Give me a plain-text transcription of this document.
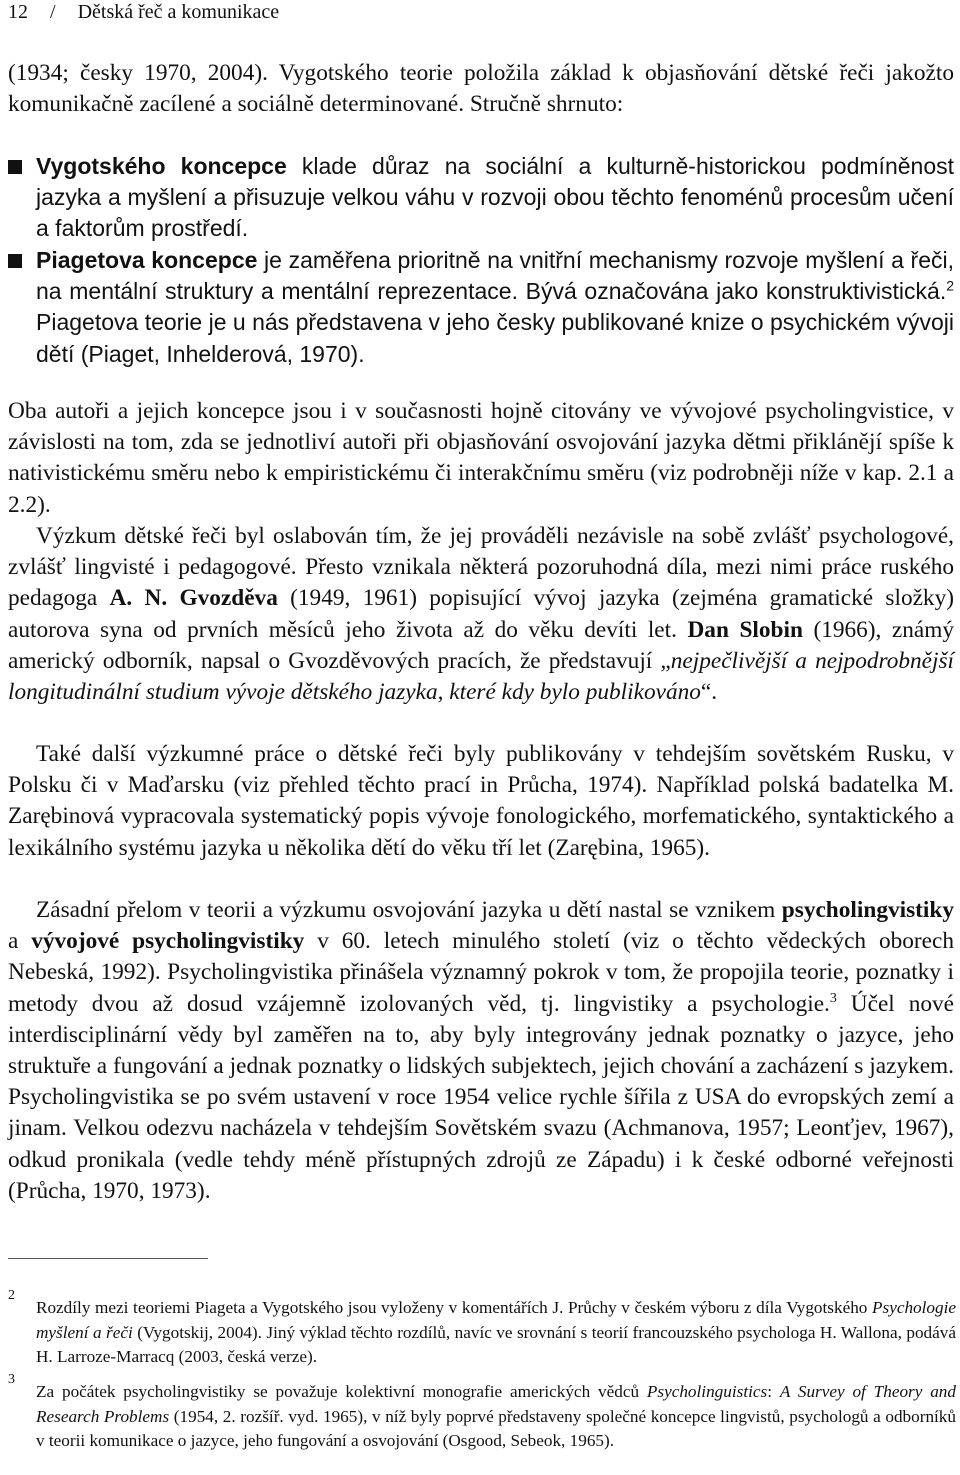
12 / Dětská řeč a komunikace
(1934; česky 1970, 2004). Vygotského teorie položila základ k objasňování dětské řeči jakožto komunikačně zacílené a sociálně determinované. Stručně shrnuto:
Vygotského koncepce klade důraz na sociální a kulturně-historickou podmíněnost jazyka a myšlení a přisuzuje velkou váhu v rozvoji obou těchto fenoménů procesům učení a faktorům prostředí.
Piagetova koncepce je zaměřena prioritně na vnitřní mechanismy rozvoje myšlení a řeči, na mentální struktury a mentální reprezentace. Bývá označována jako konstruktivistická.$^2$ Piagetova teorie je u nás představena v jeho česky publikované knize o psychickém vývoji dětí (Piaget, Inhelderová, 1970).
Oba autoři a jejich koncepce jsou i v současnosti hojně citovány ve vývojové psycholingvistice, v závislosti na tom, zda se jednotliví autoři při objasňování osvojování jazyka dětmi přiklánějí spíše k nativistickému směru nebo k empiristickému či interakčnímu směru (viz podrobněji níže v kap. 2.1 a 2.2).
Výzkum dětské řeči byl oslabován tím, že jej prováděli nezávisle na sobě zvlášť psychologové, zvlášť lingvisté i pedagogové. Přesto vznikala některá pozoruhodná díla, mezi nimi práce ruského pedagoga A. N. Gvozděva (1949, 1961) popisující vývoj jazyka (zejména gramatické složky) autorova syna od prvních měsíců jeho života až do věku devíti let. Dan Slobin (1966), známý americký odborník, napsal o Gvozděvových pracích, že představují „nejpečlivější a nejpodrobnější longitudinální studium vývoje dětského jazyka, které kdy bylo publikováno“.
Také další výzkumné práce o dětské řeči byly publikovány v tehdejším sovětském Rusku, v Polsku či v Maďarsku (viz přehled těchto prací in Průcha, 1974). Například polská badatelka M. Zarębinová vypracovala systematický popis vývoje fonologického, morfematického, syntaktického a lexikálního systému jazyka u několika dětí do věku tří let (Zarębina, 1965).
Zásadní přelom v teorii a výzkumu osvojování jazyka u dětí nastal se vznikem psycholingvistiky a vývojové psycholingvistiky v 60. letech minulého století (viz o těchto vědeckých oborech Nebeská, 1992). Psycholingvistika přinášela významný pokrok v tom, že propojila teorie, poznatky i metody dvou až dosud vzájemně izolovaných věd, tj. lingvistiky a psychologie.$^3$ Účel nové interdisciplinární vědy byl zaměřen na to, aby byly integrovány jednak poznatky o jazyce, jeho struktuře a fungování a jednak poznatky o lidských subjektech, jejich chování a zacházení s jazykem. Psycholingvistika se po svém ustavení v roce 1954 velice rychle šířila z USA do evropských zemí a jinam. Velkou odezvu nacházela v tehdejším Sovětském svazu (Achmanova, 1957; Leonťjev, 1967), odkud pronikala (vedle tehdy méně přístupných zdrojů ze Západu) i k české odborné veřejnosti (Průcha, 1970, 1973).
2
Rozdíly mezi teoriemi Piageta a Vygotského jsou vyloženy v komentářích J. Průchy v českém výboru z díla Vygotského Psychologie myšlení a řeči (Vygotskij, 2004). Jiný výklad těchto rozdílů, navíc ve srovnání s teorií francouzského psychologa H. Wallona, podává H. Larroze-Marracq (2003, česká verze).
3
Za počátek psycholingvistiky se považuje kolektivní monografie amerických vědců Psycholinguistics: A Survey of Theory and Research Problems (1954, 2. rozšíř. vyd. 1965), v níž byly poprvé představeny společné koncepce lingvistů, psychologů a odborníků v teorii komunikace o jazyce, jeho fungování a osvojování (Osgood, Sebeok, 1965).
